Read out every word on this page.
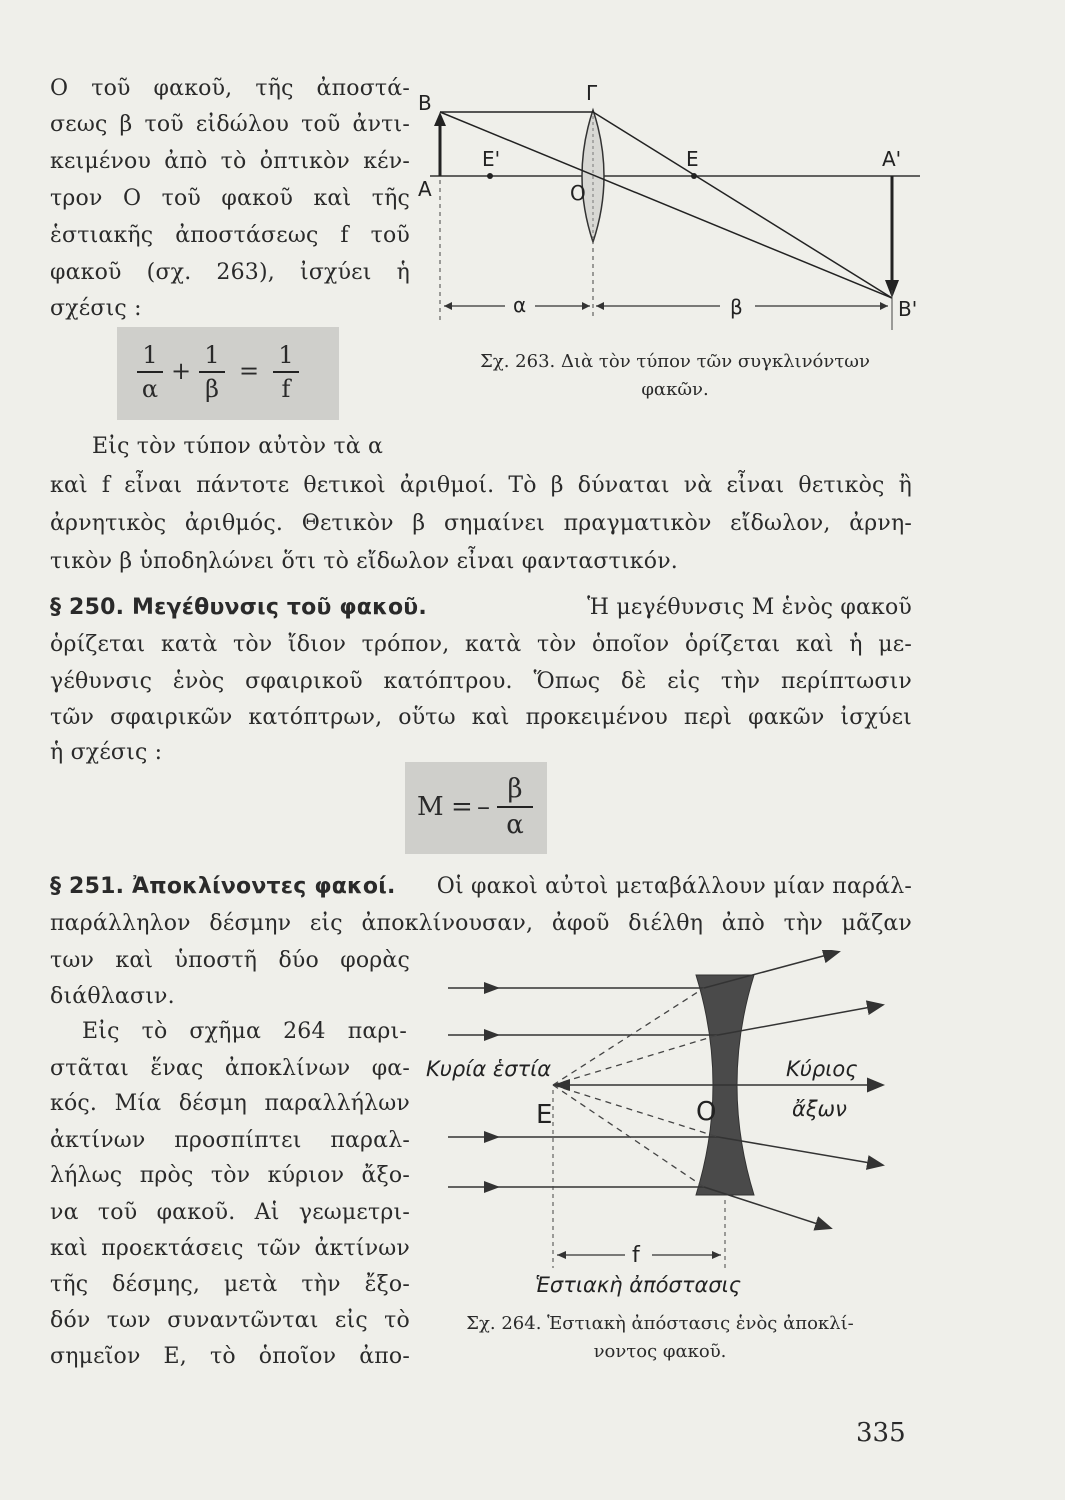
Ο τοῦ φακοῦ, τῆς ἀποστά-
σεως β τοῦ εἰδώλου τοῦ ἀντι-
κειμένου ἀπὸ τὸ ὀπτικὸν κέν-
τρον Ο τοῦ φακοῦ καὶ τῆς
ἑστιακῆς ἀποστάσεως f τοῦ
φακοῦ (σχ. 263), ἰσχύει ἡ
σχέσις :
1
α
+
1
β
=
1
f
B	Γ
Ε'	Ε	Α'
Α	Ο
α	β	Β'
Σχ. 263. Διὰ τὸν τύπον τῶν συγκλινόντων
φακῶν.
Εἰς τὸν τύπον αὐτὸν τὰ α
καὶ f εἶναι πάντοτε θετικοὶ ἀριθμοί. Τὸ β δύναται νὰ εἶναι θετικὸς ἢ
ἀρνητικὸς ἀριθμός. Θετικὸν β σημαίνει πραγματικὸν εἴδωλον, ἀρνη-
τικὸν β ὑποδηλώνει ὅτι τὸ εἴδωλον εἶναι φανταστικόν.
§ 250. Μεγέθυνσις τοῦ φακοῦ.	Ἡ μεγέθυνσις Μ ἑνὸς φακοῦ
ὁρίζεται κατὰ τὸν ἴδιον τρόπον, κατὰ τὸν ὁποῖον ὁρίζεται καὶ ἡ με-
γέθυνσις ἑνὸς σφαιρικοῦ κατόπτρου. Ὅπως δὲ εἰς τὴν περίπτωσιν
τῶν σφαιρικῶν κατόπτρων, οὕτω καὶ προκειμένου περὶ φακῶν ἰσχύει
ἡ σχέσις :
Μ = –
β
α
§ 251. Ἀποκλίνοντες φακοί. Οἱ φακοὶ αὐτοὶ μεταβάλλουν μίαν παράλ-
παράλληλον δέσμην εἰς ἀποκλίνουσαν, ἀφοῦ διέλθη ἀπὸ τὴν μᾶζαν
των καὶ ὑποστῆ δύο φορὰς
διάθλασιν.
Εἰς τὸ σχῆμα 264 παρι-
στᾶται ἕνας ἀποκλίνων φα-
κός. Μία δέσμη παραλλήλων
ἀκτίνων προσπίπτει παραλ-
λήλως πρὸς τὸν κύριον ἄξο-
να τοῦ φακοῦ. Αἱ γεωμετρι-
καὶ προεκτάσεις τῶν ἀκτίνων
τῆς δέσμης, μετὰ τὴν ἔξο-
δόν των συναντῶνται εἰς τὸ
σημεῖον Ε, τὸ ὁποῖον ἀπο-
Κυρία ἑστία	Κύριος
ἄξων
Ε	Ο
f
Ἑστιακὴ ἀπόστασις
Σχ. 264. Ἑστιακὴ ἀπόστασις ἑνὸς ἀποκλί-
νοντος φακοῦ.
335
